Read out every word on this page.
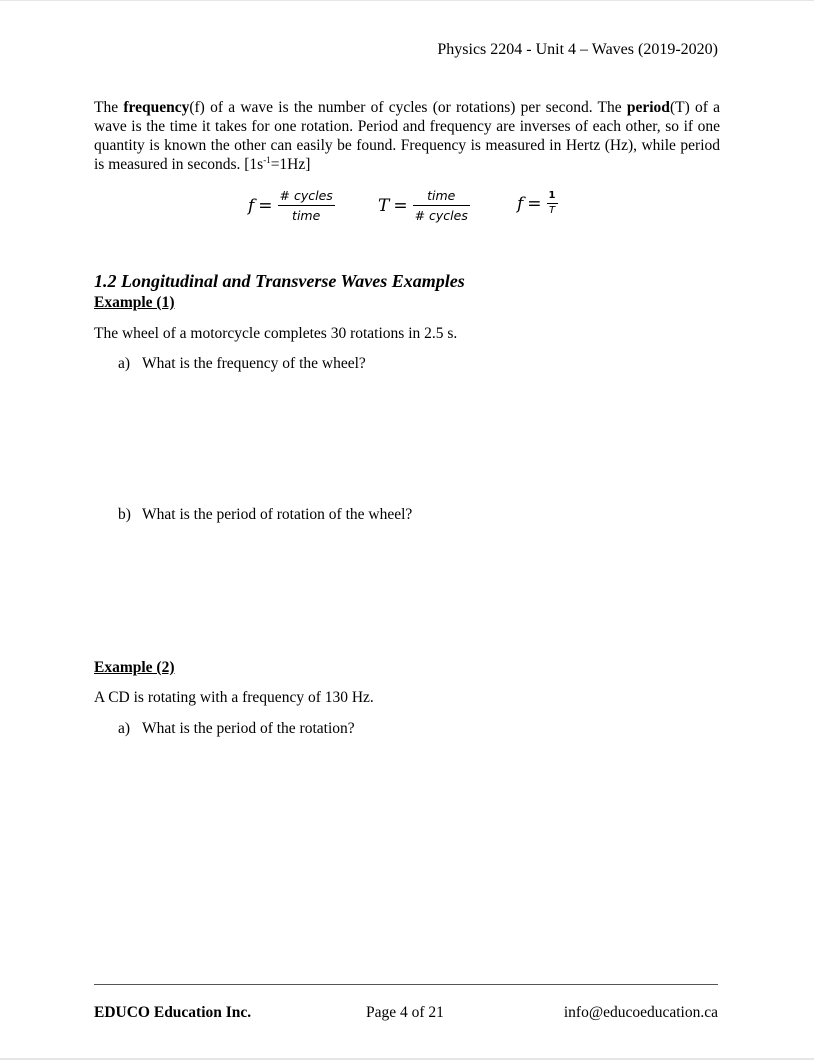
Physics 2204 - Unit 4 – Waves (2019-2020)
The frequency(f) of a wave is the number of cycles (or rotations) per second. The period(T) of a wave is the time it takes for one rotation. Period and frequency are inverses of each other, so if one quantity is known the other can easily be found. Frequency is measured in Hertz (Hz), while period is measured in seconds. $[1s^{-1}=1Hz]$
$f = \frac{\text{\# cycles}}{\text{time}}$	$T = \frac{\text{time}}{\text{\# cycles}}$	$f = \frac{1}{T}$
1.2 Longitudinal and Transverse Waves Examples
Example (1)
The wheel of a motorcycle completes 30 rotations in 2.5 s.
a) What is the frequency of the wheel?
b) What is the period of rotation of the wheel?
Example (2)
A CD is rotating with a frequency of 130 Hz.
a) What is the period of the rotation?
EDUCO Education Inc.	Page 4 of 21	info@educoeducation.ca
